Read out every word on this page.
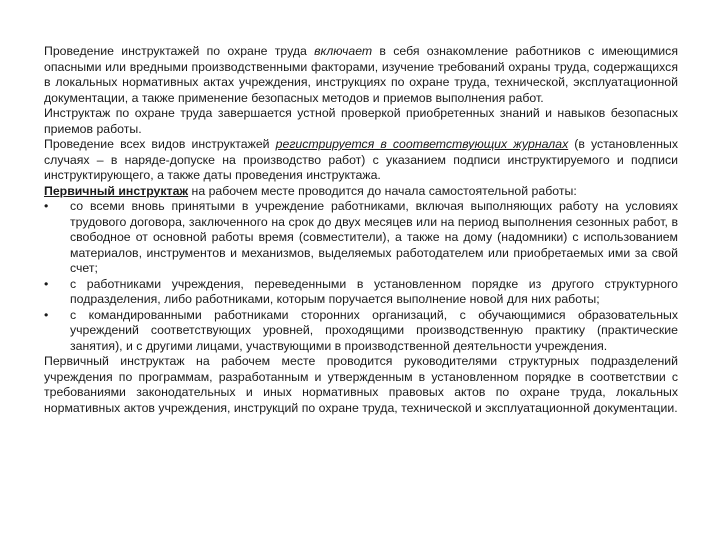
Проведение инструктажей по охране труда включает в себя ознакомление работников с имеющимися опасными или вредными производственными факторами, изучение требований охраны труда, содержащихся в локальных нормативных актах учреждения, инструкциях по охране труда, технической, эксплуатационной документации, а также применение безопасных методов и приемов выполнения работ.

Инструктаж по охране труда завершается устной проверкой приобретенных знаний и навыков безопасных приемов работы.

Проведение всех видов инструктажей регистрируется в соответствующих журналах (в установленных случаях – в наряде-допуске на производство работ) с указанием подписи инструктируемого и подписи инструктирующего, а также даты проведения инструктажа.

Первичный инструктаж на рабочем месте проводится до начала самостоятельной работы:

•	со всеми вновь принятыми в учреждение работниками, включая выполняющих работу на условиях трудового договора, заключенного на срок до двух месяцев или на период выполнения сезонных работ, в свободное от основной работы время (совместители), а также на дому (надомники) с использованием материалов, инструментов и механизмов, выделяемых работодателем или приобретаемых ими за свой счет;
•	с работниками учреждения, переведенными в установленном порядке из другого структурного подразделения, либо работниками, которым поручается выполнение новой для них работы;
•	с командированными работниками сторонних организаций, с обучающимися образовательных учреждений соответствующих уровней, проходящими производственную практику (практические занятия), и с другими лицами, участвующими в производственной деятельности учреждения.

Первичный инструктаж на рабочем месте проводится руководителями структурных подразделений учреждения по программам, разработанным и утвержденным в установленном порядке в соответствии с требованиями законодательных и иных нормативных правовых актов по охране труда, локальных нормативных актов учреждения, инструкций по охране труда, технической и эксплуатационной документации.
